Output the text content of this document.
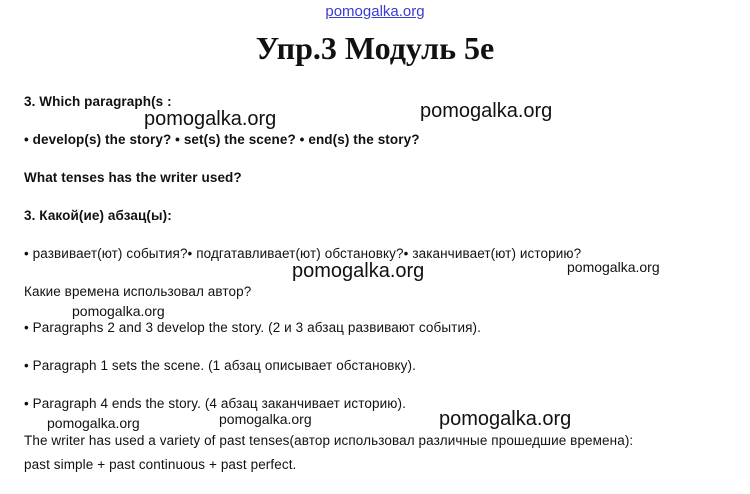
pomogalka.org
Упр.3 Модуль 5е
3. Which paragraph(s :
• develop(s) the story? • set(s) the scene? • end(s) the story?
What tenses has the writer used?
3. Какой(ие) абзац(ы):
• развивает(ют) события?• подгатавливает(ют) обстановку?• заканчивает(ют) историю?
Какие времена использовал автор?
• Paragraphs 2 and 3 develop the story. (2 и 3 абзац развивают события).
• Paragraph 1 sets the scene. (1 абзац описывает обстановку).
• Paragraph 4 ends the story. (4 абзац заканчивает историю).
The writer has used a variety of past tenses(автор использовал различные прошедшие времена):
past simple + past continuous + past perfect.
pomogalka.org	pomogalka.org
pomogalka.org	pomogalka.org
pomogalka.org
pomogalka.org
pomogalka.org	pomogalka.org
